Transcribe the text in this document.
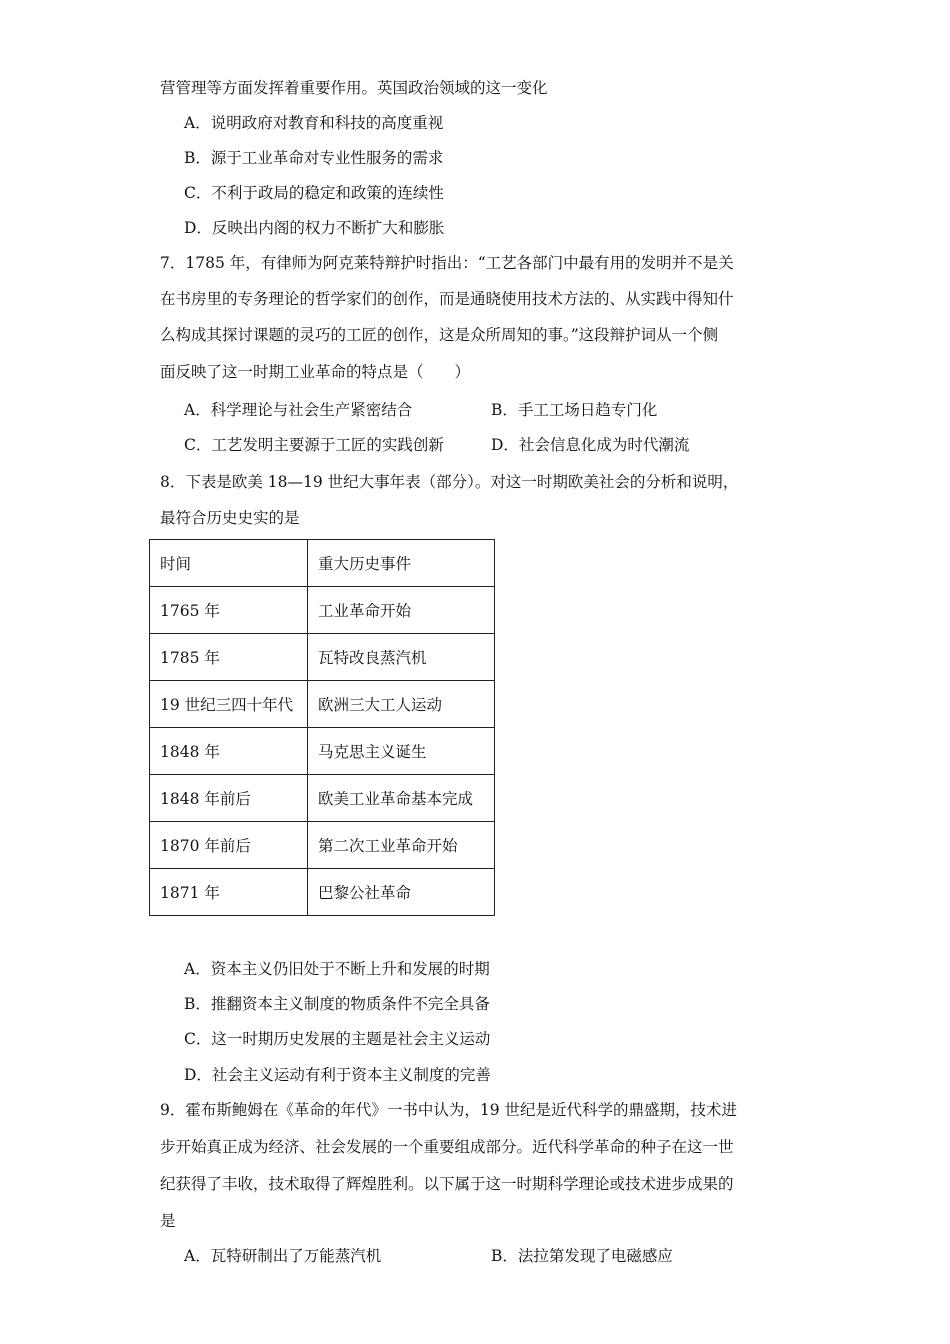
营管理等方面发挥着重要作用。英国政治领域的这一变化
A．说明政府对教育和科技的高度重视
B．源于工业革命对专业性服务的需求
C．不利于政局的稳定和政策的连续性
D．反映出内阁的权力不断扩大和膨胀
7．1785 年，有律师为阿克莱特辩护时指出：“工艺各部门中最有用的发明并不是关
在书房里的专务理论的哲学家们的创作，而是通晓使用技术方法的、从实践中得知什
么构成其探讨课题的灵巧的工匠的创作，这是众所周知的事。”这段辩护词从一个侧
面反映了这一时期工业革命的特点是（　　）
A．科学理论与社会生产紧密结合	B．手工工场日趋专门化
C．工艺发明主要源于工匠的实践创新	D．社会信息化成为时代潮流
8．下表是欧美 18—19 世纪大事年表（部分）。对这一时期欧美社会的分析和说明，
最符合历史史实的是
时间	重大历史事件
1765 年	工业革命开始
1785 年	瓦特改良蒸汽机
19 世纪三四十年代	欧洲三大工人运动
1848 年	马克思主义诞生
1848 年前后	欧美工业革命基本完成
1870 年前后	第二次工业革命开始
1871 年	巴黎公社革命
A．资本主义仍旧处于不断上升和发展的时期
B．推翻资本主义制度的物质条件不完全具备
C．这一时期历史发展的主题是社会主义运动
D．社会主义运动有利于资本主义制度的完善
9．霍布斯鲍姆在《革命的年代》一书中认为，19 世纪是近代科学的鼎盛期，技术进
步开始真正成为经济、社会发展的一个重要组成部分。近代科学革命的种子在这一世
纪获得了丰收，技术取得了辉煌胜利。以下属于这一时期科学理论或技术进步成果的
是
A．瓦特研制出了万能蒸汽机	B．法拉第发现了电磁感应
